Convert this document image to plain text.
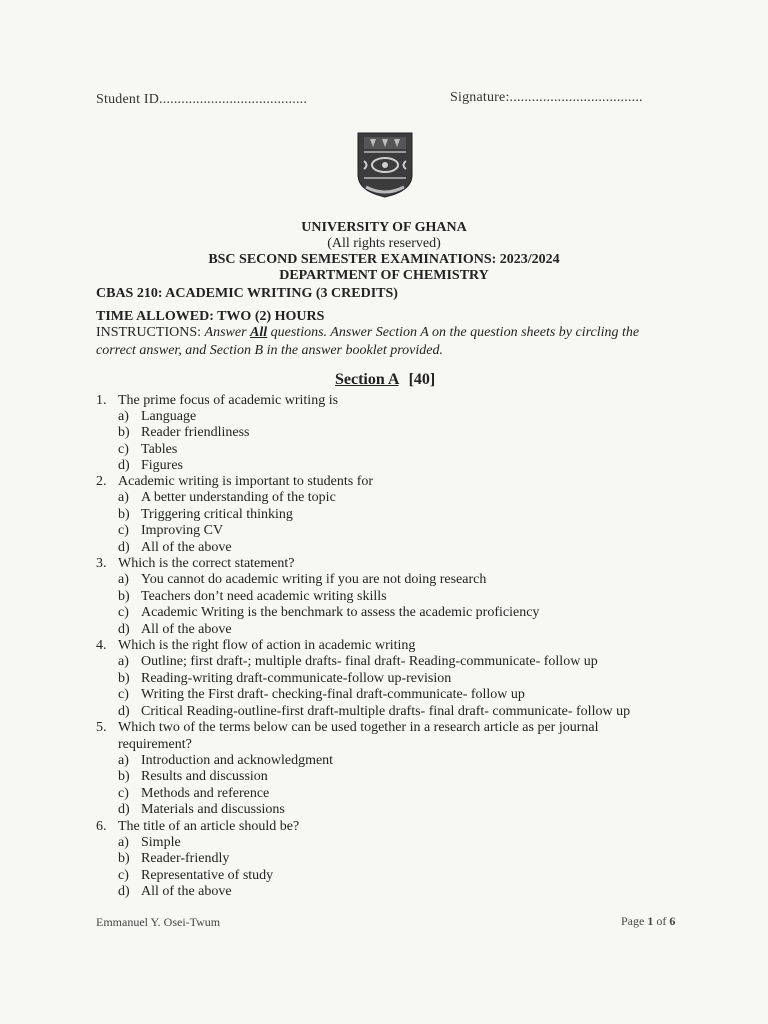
Student ID........................................	Signature:....................................
UNIVERSITY OF GHANA
(All rights reserved)
BSC SECOND SEMESTER EXAMINATIONS: 2023/2024
DEPARTMENT OF CHEMISTRY
CBAS 210: ACADEMIC WRITING (3 CREDITS)
TIME ALLOWED: TWO (2) HOURS
INSTRUCTIONS: Answer All questions. Answer Section A on the question sheets by circling the
correct answer, and Section B in the answer booklet provided.
Section A [40]
1. The prime focus of academic writing is
a) Language
b) Reader friendliness
c) Tables
d) Figures
2. Academic writing is important to students for
a) A better understanding of the topic
b) Triggering critical thinking
c) Improving CV
d) All of the above
3. Which is the correct statement?
a) You cannot do academic writing if you are not doing research
b) Teachers don’t need academic writing skills
c) Academic Writing is the benchmark to assess the academic proficiency
d) All of the above
4. Which is the right flow of action in academic writing
a) Outline; first draft-; multiple drafts- final draft- Reading-communicate- follow up
b) Reading-writing draft-communicate-follow up-revision
c) Writing the First draft- checking-final draft-communicate- follow up
d) Critical Reading-outline-first draft-multiple drafts- final draft- communicate- follow up
5. Which two of the terms below can be used together in a research article as per journal
requirement?
a) Introduction and acknowledgment
b) Results and discussion
c) Methods and reference
d) Materials and discussions
6. The title of an article should be?
a) Simple
b) Reader-friendly
c) Representative of study
d) All of the above
Emmanuel Y. Osei-Twum	Page 1 of 6
